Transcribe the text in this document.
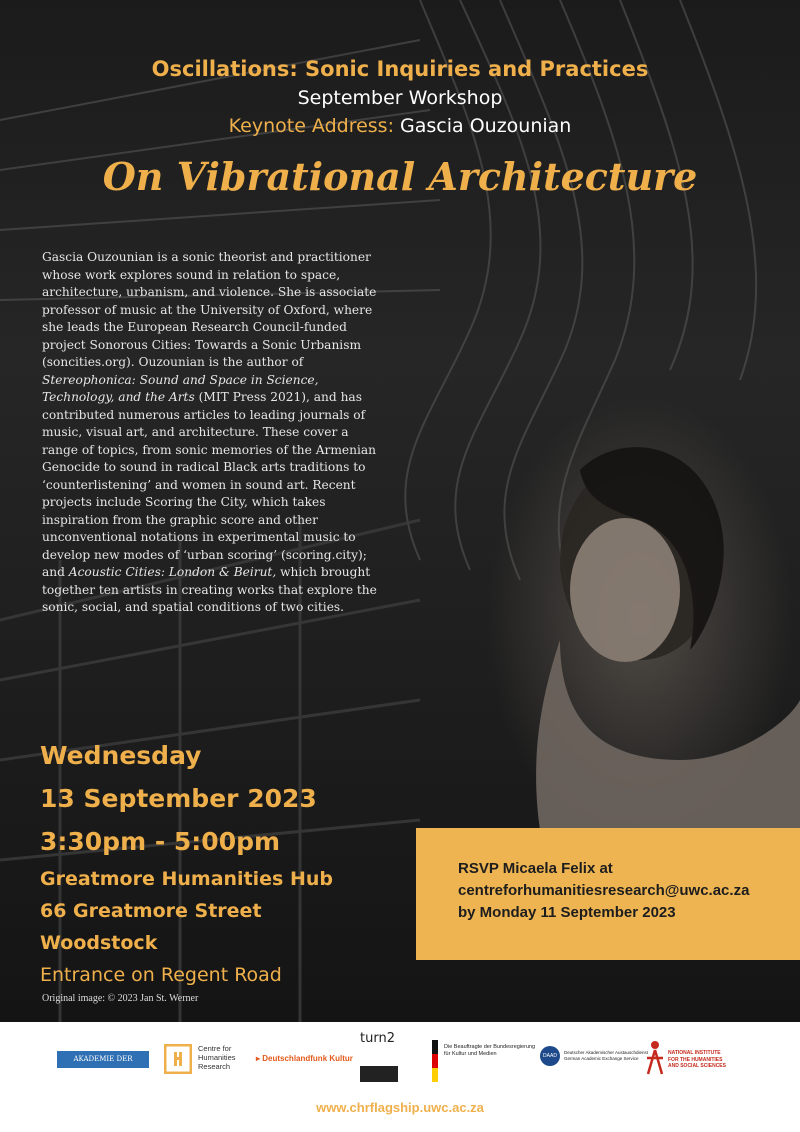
Oscillations: Sonic Inquiries and Practices
September Workshop
Keynote Address: Gascia Ouzounian
On Vibrational Architecture
Gascia Ouzounian is a sonic theorist and practitioner whose work explores sound in relation to space, architecture, urbanism, and violence. She is associate professor of music at the University of Oxford, where she leads the European Research Council-funded project Sonorous Cities: Towards a Sonic Urbanism (soncities.org). Ouzounian is the author of Stereophonica: Sound and Space in Science, Technology, and the Arts (MIT Press 2021), and has contributed numerous articles to leading journals of music, visual art, and architecture. These cover a range of topics, from sonic memories of the Armenian Genocide to sound in radical Black arts traditions to ‘counterlistening’ and women in sound art. Recent projects include Scoring the City, which takes inspiration from the graphic score and other unconventional notations in experimental music to develop new modes of ‘urban scoring’ (scoring.city); and Acoustic Cities: London & Beirut, which brought together ten artists in creating works that explore the sonic, social, and spatial conditions of two cities.
Wednesday
13 September 2023
3:30pm - 5:00pm
Greatmore Humanities Hub
66 Greatmore Street
Woodstock
Entrance on Regent Road
RSVP Micaela Felix at
centreforhumanitiesresearch@uwc.ac.za
by Monday 11 September 2023
Original image: © 2023 Jan St. Werner
AKADEMIE DER KÜNSTE
Centre for
Humanities
Research
▸ Deutschlandfunk Kultur
turn2
Die Beauftragte der Bundesregierung
für Kultur und Medien	DAAD
Deutscher Akademischer Austauschdienst
German Academic Exchange Service
NATIONAL INSTITUTE
FOR THE HUMANITIES
AND SOCIAL SCIENCES
www.chrflagship.uwc.ac.za
